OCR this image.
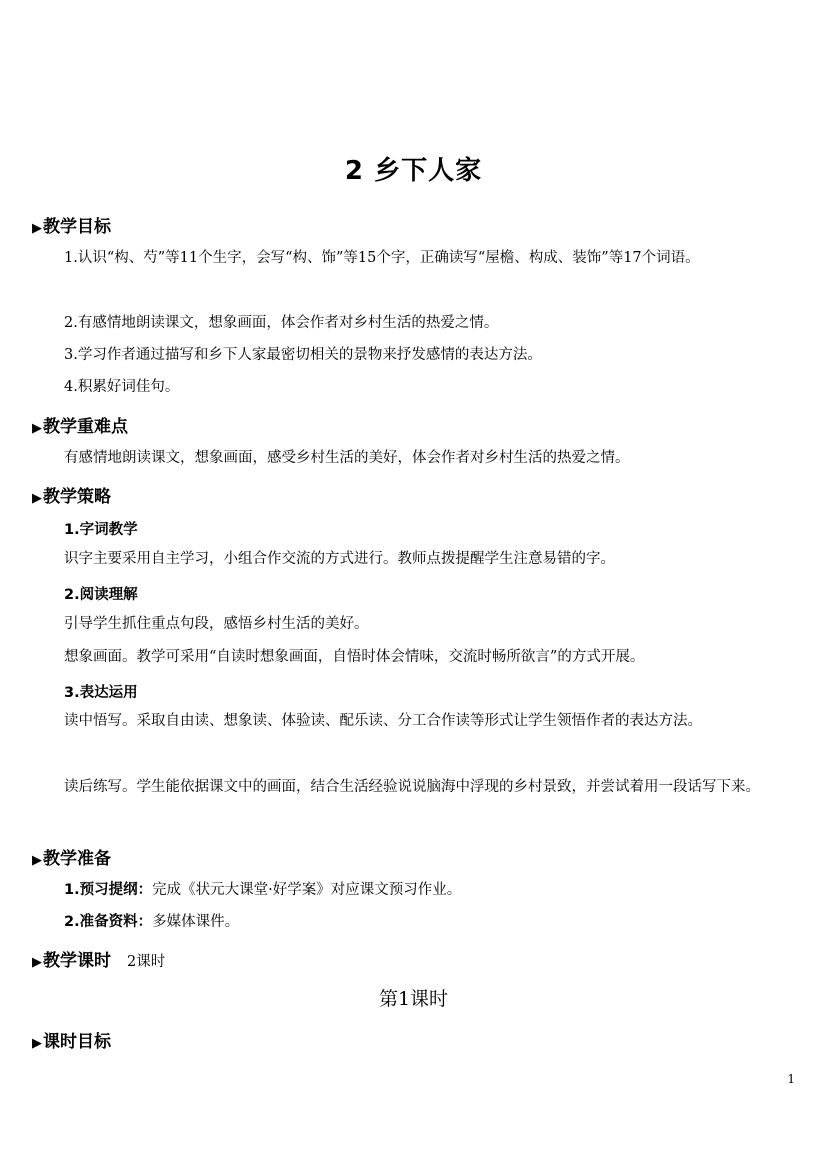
2 乡下人家
▶教学目标
1.认识“构、芍”等11个生字，会写“构、饰”等15个字，正确读写“屋檐、构成、装饰”等17个词语。
2.有感情地朗读课文，想象画面，体会作者对乡村生活的热爱之情。
3.学习作者通过描写和乡下人家最密切相关的景物来抒发感情的表达方法。
4.积累好词佳句。
▶教学重难点
有感情地朗读课文，想象画面，感受乡村生活的美好，体会作者对乡村生活的热爱之情。
▶教学策略
1.字词教学
识字主要采用自主学习，小组合作交流的方式进行。教师点拨提醒学生注意易错的字。
2.阅读理解
引导学生抓住重点句段，感悟乡村生活的美好。
想象画面。教学可采用“自读时想象画面，自悟时体会情味，交流时畅所欲言”的方式开展。
3.表达运用
读中悟写。采取自由读、想象读、体验读、配乐读、分工合作读等形式让学生领悟作者的表达方法。
读后练写。学生能依据课文中的画面，结合生活经验说说脑海中浮现的乡村景致，并尝试着用一段话写下来。
▶教学准备
1.预习提纲：完成《状元大课堂·好学案》对应课文预习作业。
2.准备资料：多媒体课件。
▶教学课时 2课时
第1课时
▶课时目标
1
